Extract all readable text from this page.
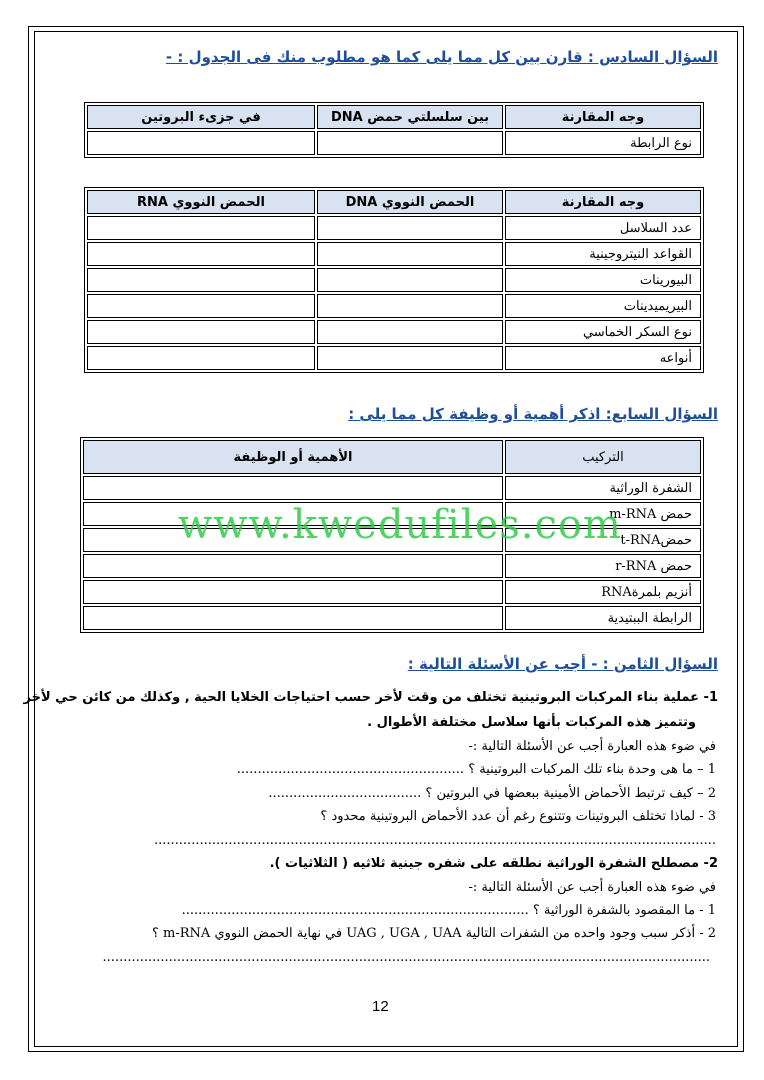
السؤال السادس : قارن بين كل مما يلى كما هو مطلوب منك فى الجدول : -
وجه المقارنة	بين سلسلتي حمض DNA	في جزىء البروتين
نوع الرابطة		
وجه المقارنة	الحمض النووي DNA	الحمض النووي RNA
عدد السلاسل		
القواعد النيتروجينية		
البيورينات		
البيريميدينات		
نوع السكر الخماسي		
أنواعه		
السؤال السابع: اذكر أهمية أو وظيفة كل مما يلى :
التركيب	الأهمية أو الوظيفة
الشفرة الوراثية	
حمض m-RNA	
حمضt-RNA	
حمض r-RNA	
أنزيم بلمرةRNA	
الرابطة الببتيدية	
www.kwedufiles.com
السؤال الثامن : - أجب عن الأسئلة التالية :
1- عملية بناء المركبات البروتينية تختلف من وقت لأخر حسب احتياجات الخلايا الحية , وكذلك من كائن حي لأخر
وتتميز هذه المركبات بأنها سلاسل مختلفة الأطوال .
في ضوء هذه العبارة أجب عن الأسئلة التالية :-
1 – ما هى وحدة بناء تلك المركبات البروتينية ؟ .......................................................
2 – كيف ترتبط الأحماض الأمينية ببعضها في البروتين ؟ .....................................
3 - لماذا تختلف البروتينات وتتنوع رغم أن عدد الأحماض البروتينية محدود ؟
........................................................................................................................................
2- مصطلح الشفرة الوراثية نطلقه على شفره جينية ثلاثيه ( الثلاثيات ).
في ضوء هذه العبارة أجب عن الأسئلة التالية :-
1 - ما المقصود بالشفرة الوراثية ؟ ....................................................................................
2 - أذكر سبب وجود واحده من الشفرات التالية UAG , UGA , UAA في نهاية الحمض النووي m-RNA ؟
...................................................................................................................................................
12
